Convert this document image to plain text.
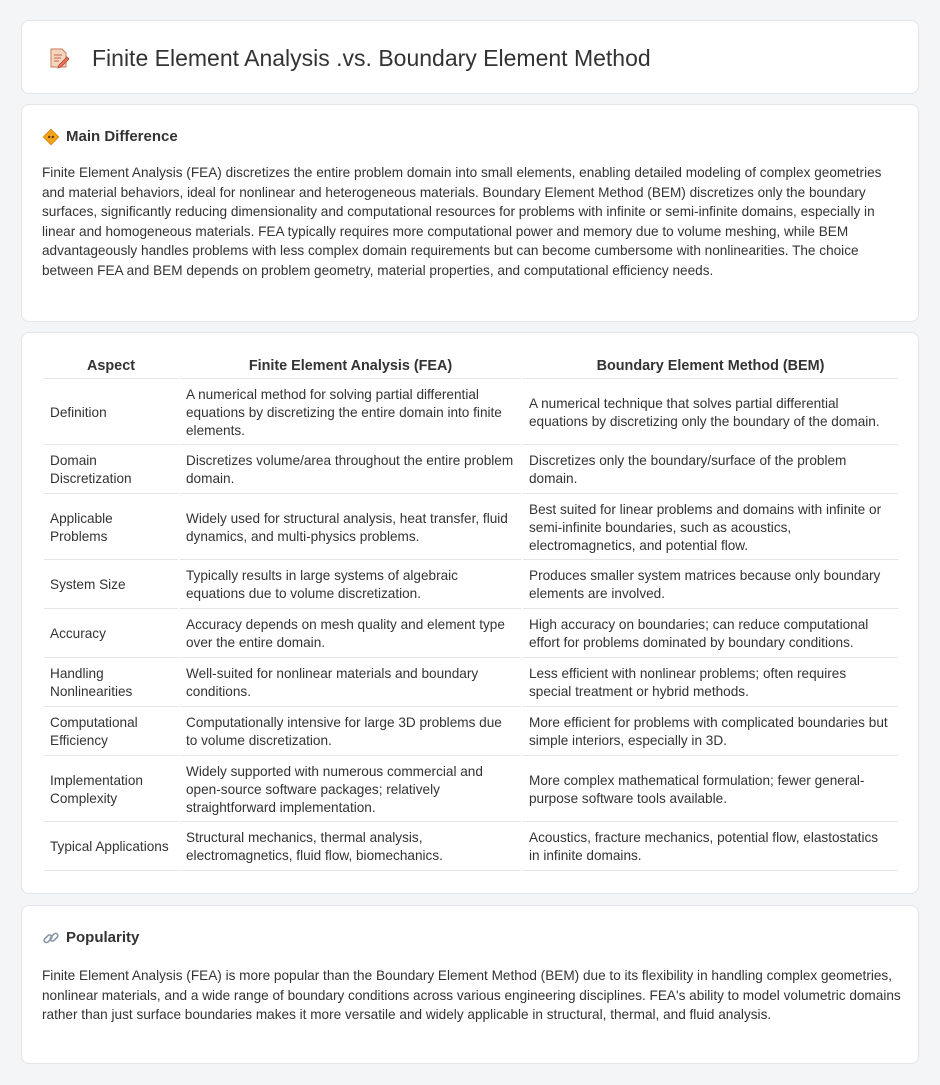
Finite Element Analysis .vs. Boundary Element Method
Main Difference

Finite Element Analysis (FEA) discretizes the entire problem domain into small elements, enabling detailed modeling of complex geometries and material behaviors, ideal for nonlinear and heterogeneous materials. Boundary Element Method (BEM) discretizes only the boundary surfaces, significantly reducing dimensionality and computational resources for problems with infinite or semi-infinite domains, especially in linear and homogeneous materials. FEA typically requires more computational power and memory due to volume meshing, while BEM advantageously handles problems with less complex domain requirements but can become cumbersome with nonlinearities. The choice between FEA and BEM depends on problem geometry, material properties, and computational efficiency needs.

Aspect	Finite Element Analysis (FEA)	Boundary Element Method (BEM)
Definition	A numerical method for solving partial differential equations by discretizing the entire domain into finite elements.	A numerical technique that solves partial differential equations by discretizing only the boundary of the domain.
Domain Discretization	Discretizes volume/area throughout the entire problem domain.	Discretizes only the boundary/surface of the problem domain.
Applicable Problems	Widely used for structural analysis, heat transfer, fluid dynamics, and multi-physics problems.	Best suited for linear problems and domains with infinite or semi-infinite boundaries, such as acoustics, electromagnetics, and potential flow.
System Size	Typically results in large systems of algebraic equations due to volume discretization.	Produces smaller system matrices because only boundary elements are involved.
Accuracy	Accuracy depends on mesh quality and element type over the entire domain.	High accuracy on boundaries; can reduce computational effort for problems dominated by boundary conditions.
Handling Nonlinearities	Well-suited for nonlinear materials and boundary conditions.	Less efficient with nonlinear problems; often requires special treatment or hybrid methods.
Computational Efficiency	Computationally intensive for large 3D problems due to volume discretization.	More efficient for problems with complicated boundaries but simple interiors, especially in 3D.
Implementation Complexity	Widely supported with numerous commercial and open-source software packages; relatively straightforward implementation.	More complex mathematical formulation; fewer general-purpose software tools available.
Typical Applications	Structural mechanics, thermal analysis, electromagnetics, fluid flow, biomechanics.	Acoustics, fracture mechanics, potential flow, elastostatics in infinite domains.
Popularity

Finite Element Analysis (FEA) is more popular than the Boundary Element Method (BEM) due to its flexibility in handling complex geometries, nonlinear materials, and a wide range of boundary conditions across various engineering disciplines. FEA's ability to model volumetric domains rather than just surface boundaries makes it more versatile and widely applicable in structural, thermal, and fluid analysis.
